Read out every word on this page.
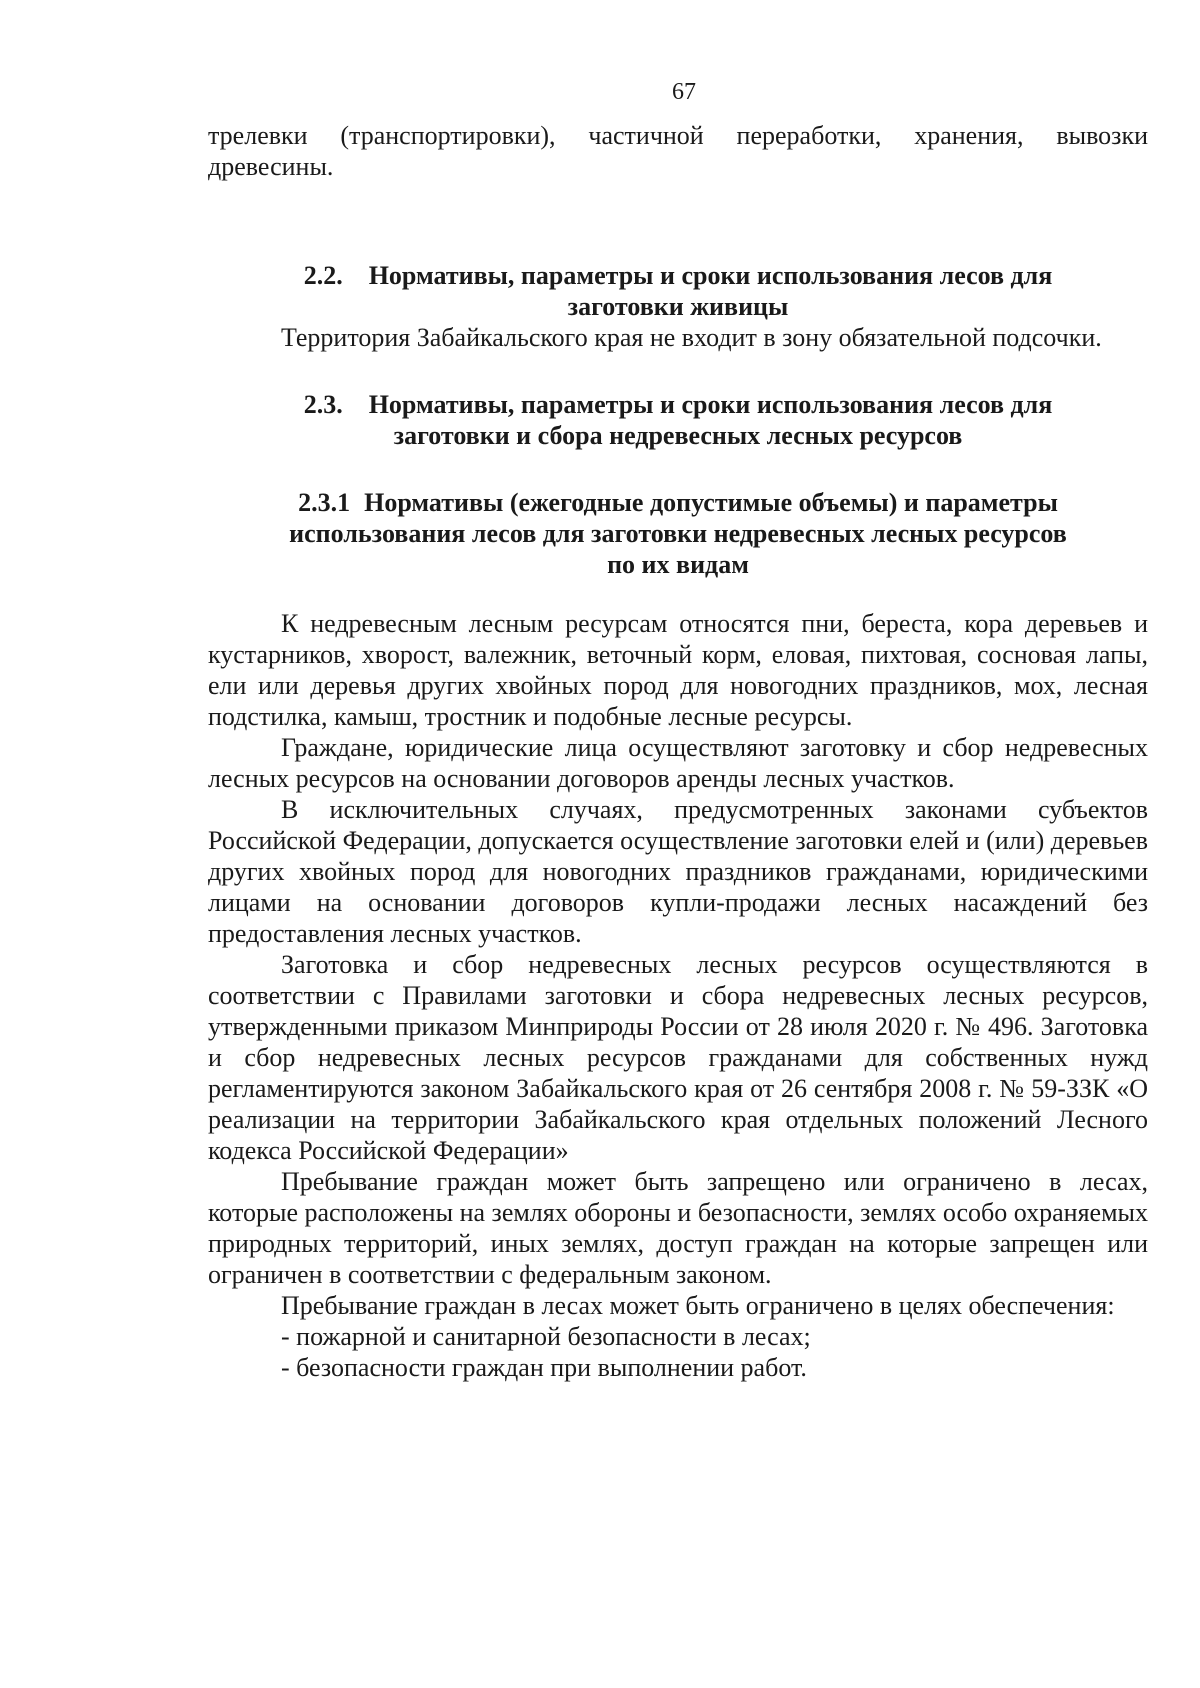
67

трелевки (транспортировки), частичной переработки, хранения, вывозки древесины.

2.2. Нормативы, параметры и сроки использования лесов для
заготовки живицы

Территория Забайкальского края не входит в зону обязательной подсочки.

2.3. Нормативы, параметры и сроки использования лесов для
заготовки и сбора недревесных лесных ресурсов
2.3.1 Нормативы (ежегодные допустимые объемы) и параметры
использования лесов для заготовки недревесных лесных ресурсов
по их видам

К недревесным лесным ресурсам относятся пни, береста, кора деревьев и кустарников, хворост, валежник, веточный корм, еловая, пихтовая, сосновая лапы, ели или деревья других хвойных пород для новогодних праздников, мох, лесная подстилка, камыш, тростник и подобные лесные ресурсы.

Граждане, юридические лица осуществляют заготовку и сбор недревесных лесных ресурсов на основании договоров аренды лесных участков.

В исключительных случаях, предусмотренных законами субъектов Российской Федерации, допускается осуществление заготовки елей и (или) деревьев других хвойных пород для новогодних праздников гражданами, юридическими лицами на основании договоров купли-продажи лесных насаждений без предоставления лесных участков.

Заготовка и сбор недревесных лесных ресурсов осуществляются в соответствии с Правилами заготовки и сбора недревесных лесных ресурсов, утвержденными приказом Минприроды России от 28 июля 2020 г. № 496. Заготовка и сбор недревесных лесных ресурсов гражданами для собственных нужд регламентируются законом Забайкальского края от 26 сентября 2008 г. № 59-ЗЗК «О реализации на территории Забайкальского края отдельных положений Лесного кодекса Российской Федерации»

Пребывание граждан может быть запрещено или ограничено в лесах, которые расположены на землях обороны и безопасности, землях особо охраняемых природных территорий, иных землях, доступ граждан на которые запрещен или ограничен в соответствии с федеральным законом.

Пребывание граждан в лесах может быть ограничено в целях обеспечения:

- пожарной и санитарной безопасности в лесах;

- безопасности граждан при выполнении работ.
